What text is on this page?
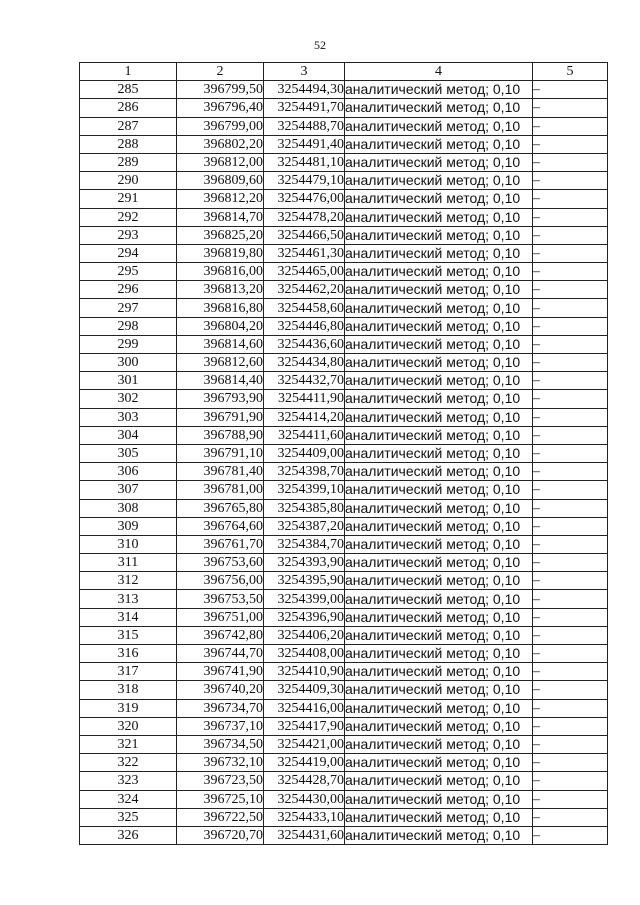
52
1	2	3	4	5
285	396799,50	3254494,30	аналитический метод; 0,10	–
286	396796,40	3254491,70	аналитический метод; 0,10	–
287	396799,00	3254488,70	аналитический метод; 0,10	–
288	396802,20	3254491,40	аналитический метод; 0,10	–
289	396812,00	3254481,10	аналитический метод; 0,10	–
290	396809,60	3254479,10	аналитический метод; 0,10	–
291	396812,20	3254476,00	аналитический метод; 0,10	–
292	396814,70	3254478,20	аналитический метод; 0,10	–
293	396825,20	3254466,50	аналитический метод; 0,10	–
294	396819,80	3254461,30	аналитический метод; 0,10	–
295	396816,00	3254465,00	аналитический метод; 0,10	–
296	396813,20	3254462,20	аналитический метод; 0,10	–
297	396816,80	3254458,60	аналитический метод; 0,10	–
298	396804,20	3254446,80	аналитический метод; 0,10	–
299	396814,60	3254436,60	аналитический метод; 0,10	–
300	396812,60	3254434,80	аналитический метод; 0,10	–
301	396814,40	3254432,70	аналитический метод; 0,10	–
302	396793,90	3254411,90	аналитический метод; 0,10	–
303	396791,90	3254414,20	аналитический метод; 0,10	–
304	396788,90	3254411,60	аналитический метод; 0,10	–
305	396791,10	3254409,00	аналитический метод; 0,10	–
306	396781,40	3254398,70	аналитический метод; 0,10	–
307	396781,00	3254399,10	аналитический метод; 0,10	–
308	396765,80	3254385,80	аналитический метод; 0,10	–
309	396764,60	3254387,20	аналитический метод; 0,10	–
310	396761,70	3254384,70	аналитический метод; 0,10	–
311	396753,60	3254393,90	аналитический метод; 0,10	–
312	396756,00	3254395,90	аналитический метод; 0,10	–
313	396753,50	3254399,00	аналитический метод; 0,10	–
314	396751,00	3254396,90	аналитический метод; 0,10	–
315	396742,80	3254406,20	аналитический метод; 0,10	–
316	396744,70	3254408,00	аналитический метод; 0,10	–
317	396741,90	3254410,90	аналитический метод; 0,10	–
318	396740,20	3254409,30	аналитический метод; 0,10	–
319	396734,70	3254416,00	аналитический метод; 0,10	–
320	396737,10	3254417,90	аналитический метод; 0,10	–
321	396734,50	3254421,00	аналитический метод; 0,10	–
322	396732,10	3254419,00	аналитический метод; 0,10	–
323	396723,50	3254428,70	аналитический метод; 0,10	–
324	396725,10	3254430,00	аналитический метод; 0,10	–
325	396722,50	3254433,10	аналитический метод; 0,10	–
326	396720,70	3254431,60	аналитический метод; 0,10	–
